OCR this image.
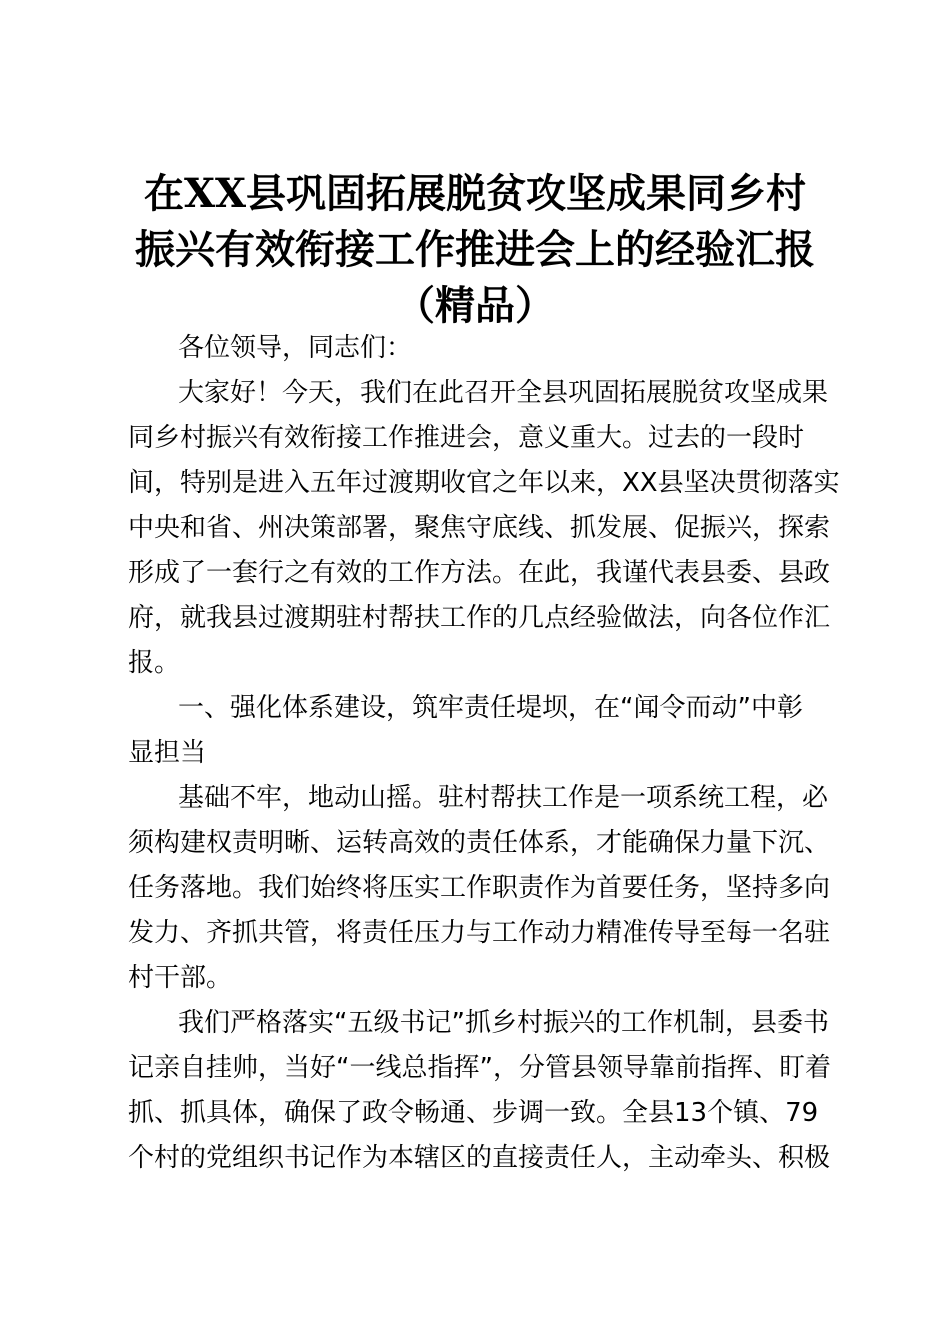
在XX县巩固拓展脱贫攻坚成果同乡村
振兴有效衔接工作推进会上的经验汇报
（精品）
各位领导，同志们：
大家好！今天，我们在此召开全县巩固拓展脱贫攻坚成果
同乡村振兴有效衔接工作推进会，意义重大。过去的一段时
间，特别是进入五年过渡期收官之年以来，XX县坚决贯彻落实
中央和省、州决策部署，聚焦守底线、抓发展、促振兴，探索
形成了一套行之有效的工作方法。在此，我谨代表县委、县政
府，就我县过渡期驻村帮扶工作的几点经验做法，向各位作汇
报。
一、强化体系建设，筑牢责任堤坝，在“闻令而动”中彰
显担当
基础不牢，地动山摇。驻村帮扶工作是一项系统工程，必
须构建权责明晰、运转高效的责任体系，才能确保力量下沉、
任务落地。我们始终将压实工作职责作为首要任务，坚持多向
发力、齐抓共管，将责任压力与工作动力精准传导至每一名驻
村干部。
我们严格落实“五级书记”抓乡村振兴的工作机制，县委书
记亲自挂帅，当好“一线总指挥”，分管县领导靠前指挥、盯着
抓、抓具体，确保了政令畅通、步调一致。全县13个镇、79
个村的党组织书记作为本辖区的直接责任人，主动牵头、积极
